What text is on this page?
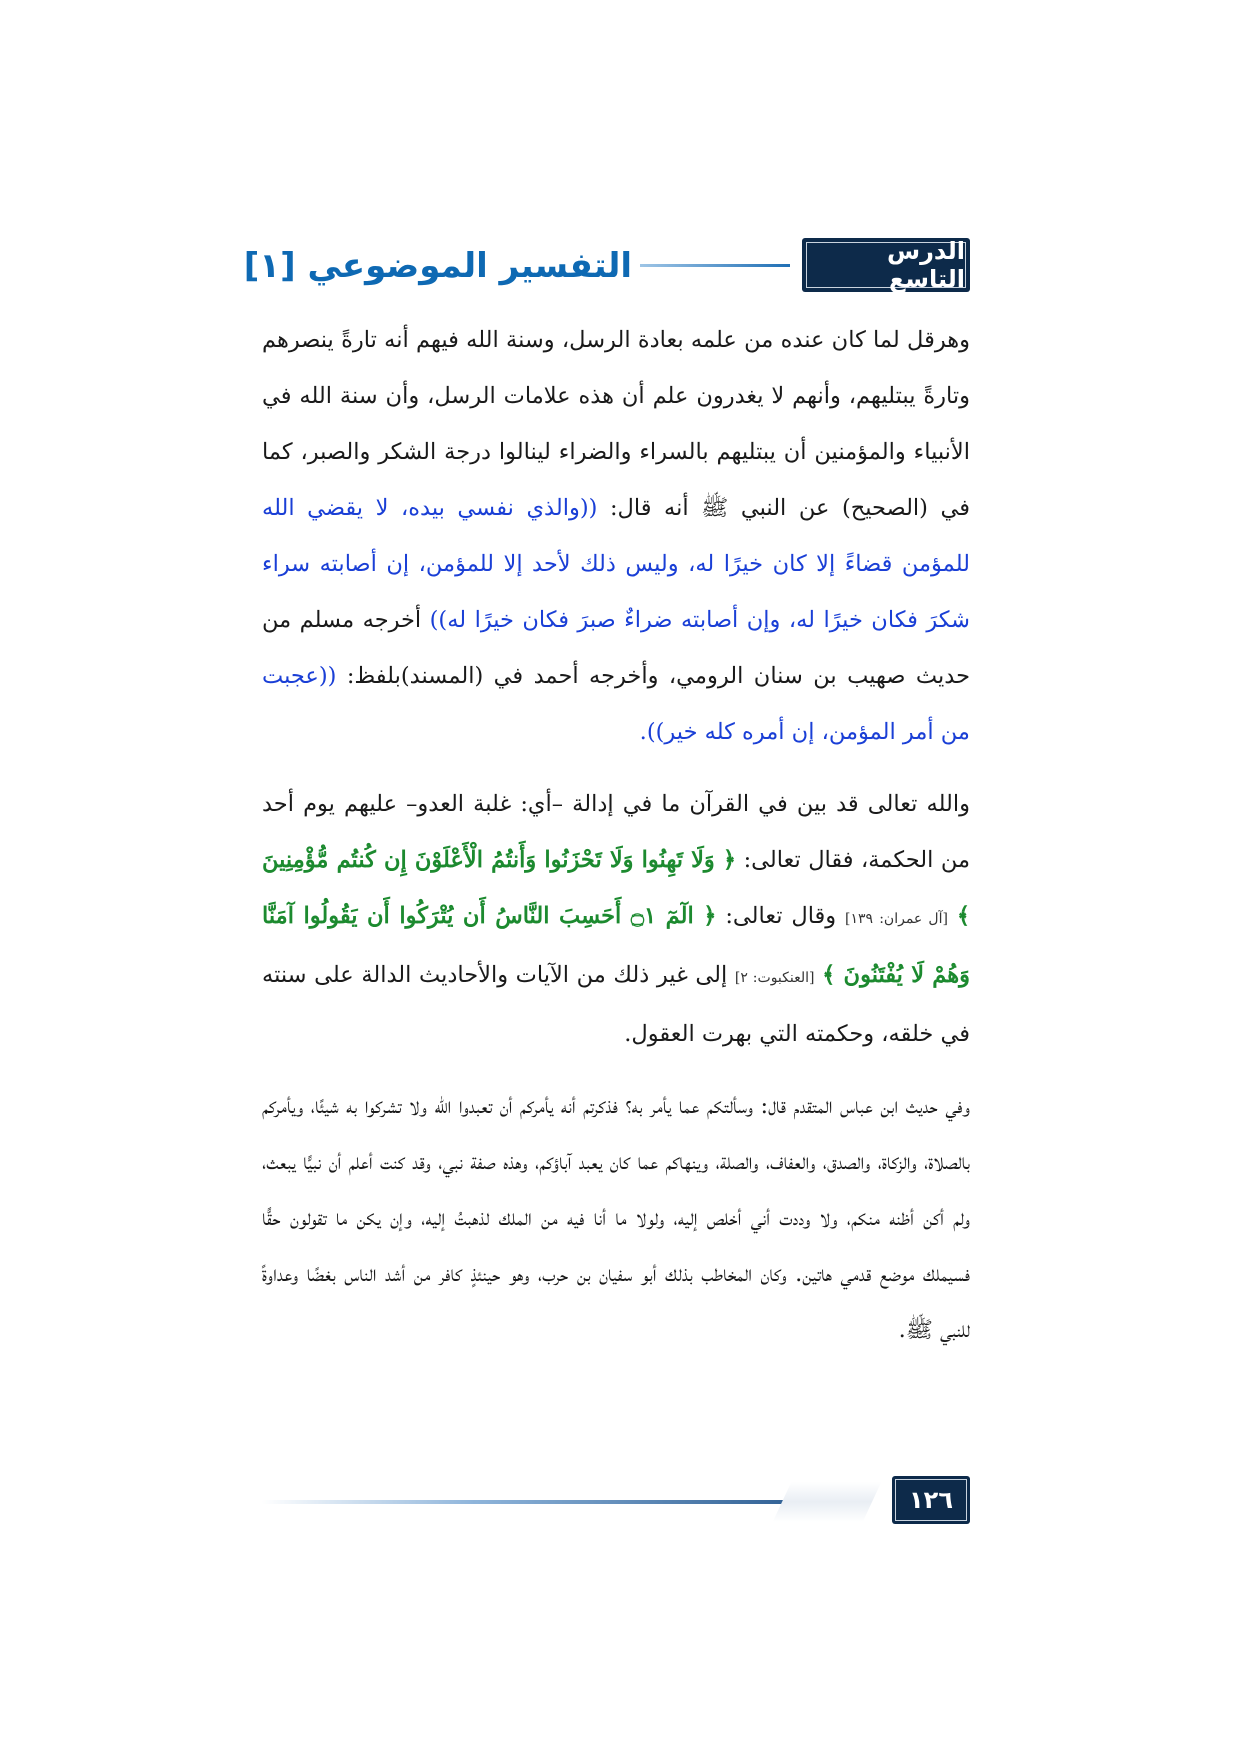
التفسير الموضوعي [١]	الدرس التاسع

وهرقل لما كان عنده من علمه بعادة الرسل، وسنة الله فيهم أنه تارةً ينصرهم وتارةً يبتليهم، وأنهم لا يغدرون علم أن هذه علامات الرسل، وأن سنة الله في الأنبياء والمؤمنين أن يبتليهم بالسراء والضراء لينالوا درجة الشكر والصبر، كما في (الصحيح) عن النبي ﷺ أنه قال: ((والذي نفسي بيده، لا يقضي الله للمؤمن قضاءً إلا كان خيرًا له، وليس ذلك لأحد إلا للمؤمن، إن أصابته سراء شكرَ فكان خيرًا له، وإن أصابته ضراءٌ صبرَ فكان خيرًا له)) أخرجه مسلم من حديث صهيب بن سنان الرومي، وأخرجه أحمد في (المسند)بلفظ: ((عجبت من أمر المؤمن، إن أمره كله خير)).

والله تعالى قد بين في القرآن ما في إدالة –أي: غلبة العدو– عليهم يوم أحد من الحكمة، فقال تعالى: ﴿ وَلَا تَهِنُوا وَلَا تَحْزَنُوا وَأَنتُمُ الْأَعْلَوْنَ إِن كُنتُم مُّؤْمِنِينَ ﴾ [آل عمران: ١٣٩] وقال تعالى: ﴿ الٓمٓ ۝١ أَحَسِبَ النَّاسُ أَن يُتْرَكُوا أَن يَقُولُوا آمَنَّا وَهُمْ لَا يُفْتَنُونَ ﴾ [العنكبوت: ٢] إلى غير ذلك من الآيات والأحاديث الدالة على سنته في خلقه، وحكمته التي بهرت العقول.

وفي حديث ابن عباس المتقدم قال: وسألتكم عما يأمر به؟ فذكرتم أنه يأمركم أن تعبدوا الله ولا تشركوا به شيئًا، ويأمركم بالصلاة، والزكاة، والصدق، والعفاف، والصلة، وينهاكم عما كان يعبد آباؤكم، وهذه صفة نبي، وقد كنت أعلم أن نبيًّا يبعث، ولم أكن أظنه منكم، ولا وددت أني أخلص إليه، ولولا ما أنا فيه من الملك لذهبتُ إليه، وإن يكن ما تقولون حقًّا فسيملك موضع قدمي هاتين. وكان المخاطب بذلك أبو سفيان بن حرب، وهو حينئذٍ كافر من أشد الناس بغضًا وعداوةً للنبي ﷺ.

١٢٦
